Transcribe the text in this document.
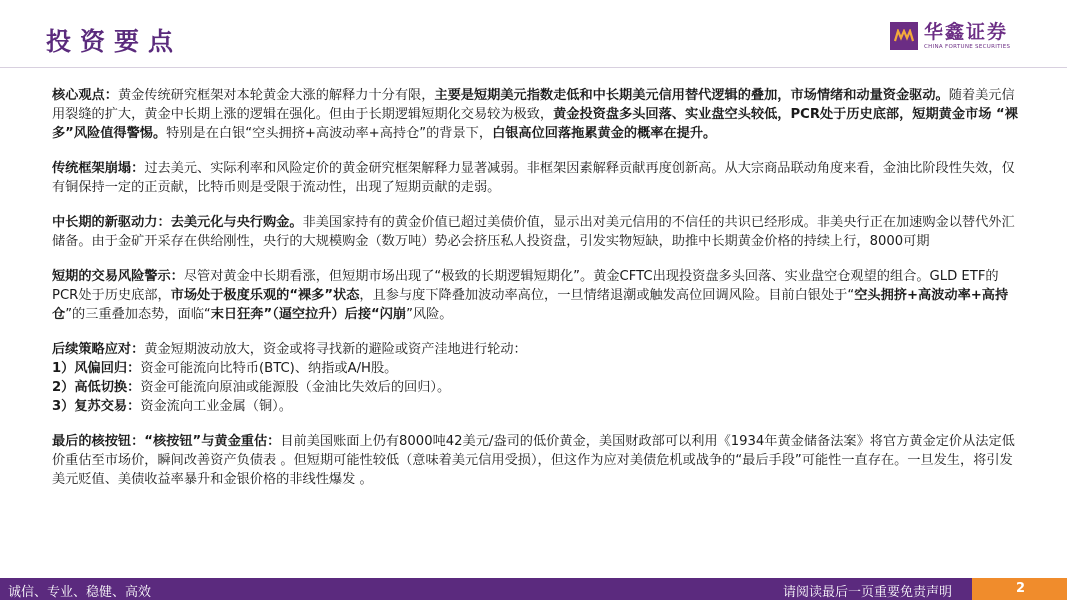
投资要点	华鑫证券
CHINA FORTUNE SECURITIES

核心观点：黄金传统研究框架对本轮黄金大涨的解释力十分有限，主要是短期美元指数走低和中长期美元信用替代逻辑的叠加，市场情绪和动量资金驱动。随着美元信用裂缝的扩大，黄金中长期上涨的逻辑在强化。但由于长期逻辑短期化交易较为极致，黄金投资盘多头回落、实业盘空头较低，PCR处于历史底部，短期黄金市场 “裸多”风险值得警惕。特别是在白银“空头拥挤+高波动率+高持仓”的背景下，白银高位回落拖累黄金的概率在提升。

传统框架崩塌：过去美元、实际利率和风险定价的黄金研究框架解释力显著减弱。非框架因素解释贡献再度创新高。从大宗商品联动角度来看，金油比阶段性失效，仅有铜保持一定的正贡献，比特币则是受限于流动性，出现了短期贡献的走弱。

中长期的新驱动力：去美元化与央行购金。非美国家持有的黄金价值已超过美债价值，显示出对美元信用的不信任的共识已经形成。非美央行正在加速购金以替代外汇储备。由于金矿开采存在供给刚性，央行的大规模购金（数万吨）势必会挤压私人投资盘，引发实物短缺，助推中长期黄金价格的持续上行，8000可期

短期的交易风险警示：尽管对黄金中长期看涨，但短期市场出现了“极致的长期逻辑短期化”。黄金CFTC出现投资盘多头回落、实业盘空仓观望的组合。GLD ETF的PCR处于历史底部，市场处于极度乐观的“裸多”状态，且参与度下降叠加波动率高位，一旦情绪退潮或触发高位回调风险。目前白银处于“空头拥挤+高波动率+高持仓”的三重叠加态势，面临“末日狂奔”（逼空拉升）后接“闪崩”风险。

后续策略应对：黄金短期波动放大，资金或将寻找新的避险或资产洼地进行轮动：

1）风偏回归：资金可能流向比特币(BTC)、纳指或A/H股。

2）高低切换：资金可能流向原油或能源股（金油比失效后的回归）。

3）复苏交易：资金流向工业金属（铜）。

最后的核按钮：“核按钮”与黄金重估：目前美国账面上仍有8000吨42美元/盎司的低价黄金，美国财政部可以利用《1934年黄金储备法案》将官方黄金定价从法定低价重估至市场价，瞬间改善资产负债表 。但短期可能性较低（意味着美元信用受损），但这作为应对美债危机或战争的“最后手段”可能性一直存在。一旦发生，将引发美元贬值、美债收益率暴升和金银价格的非线性爆发 。

诚信、专业、稳健、高效	请阅读最后一页重要免责声明	2
